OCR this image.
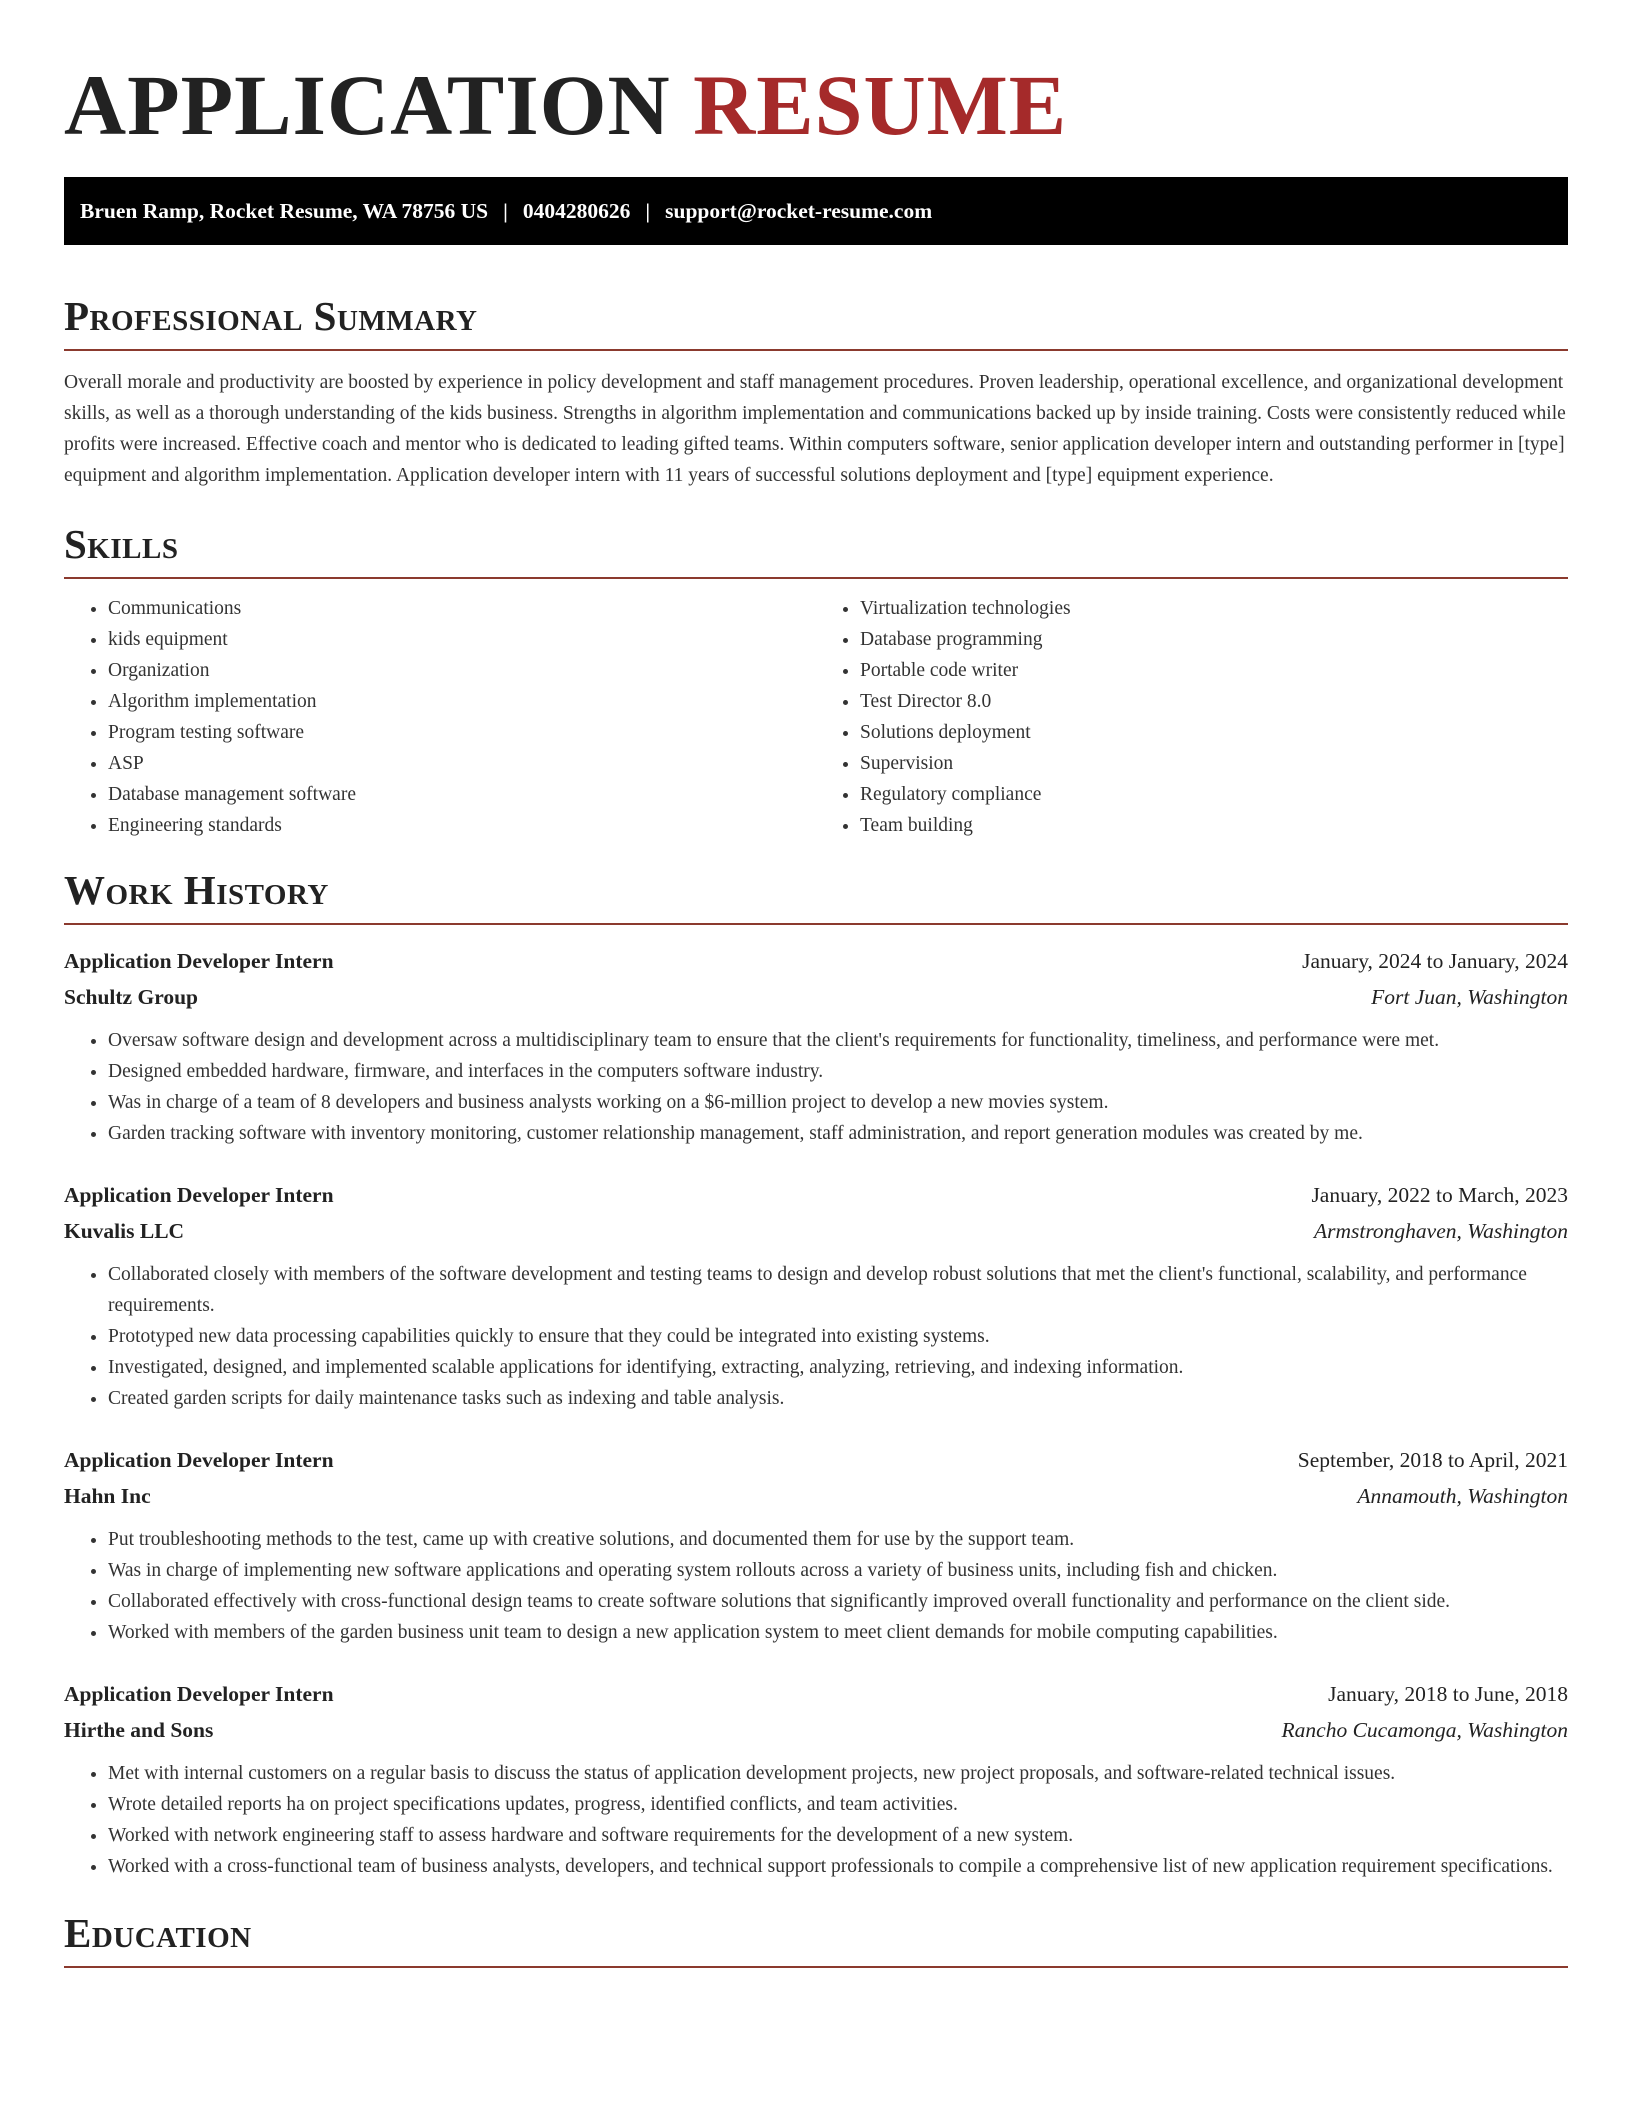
APPLICATION RESUME
Bruen Ramp, Rocket Resume, WA 78756 US | 0404280626 | support@rocket-resume.com
Professional Summary

Overall morale and productivity are boosted by experience in policy development and staff management procedures. Proven leadership, operational excellence, and organizational development skills, as well as a thorough understanding of the kids business. Strengths in algorithm implementation and communications backed up by inside training. Costs were consistently reduced while profits were increased. Effective coach and mentor who is dedicated to leading gifted teams. Within computers software, senior application developer intern and outstanding performer in [type] equipment and algorithm implementation. Application developer intern with 11 years of successful solutions deployment and [type] equipment experience.

Skills
• Communications
• kids equipment
• Organization
• Algorithm implementation
• Program testing software
• ASP
• Database management software
• Engineering standards
• Virtualization technologies
• Database programming
• Portable code writer
• Test Director 8.0
• Solutions deployment
• Supervision
• Regulatory compliance
• Team building
Work History
Application Developer Intern	January, 2024 to January, 2024
Schultz Group	Fort Juan, Washington
• Oversaw software design and development across a multidisciplinary team to ensure that the client's requirements for functionality, timeliness, and performance were met.
• Designed embedded hardware, firmware, and interfaces in the computers software industry.
• Was in charge of a team of 8 developers and business analysts working on a $6-million project to develop a new movies system.
• Garden tracking software with inventory monitoring, customer relationship management, staff administration, and report generation modules was created by me.
Application Developer Intern	January, 2022 to March, 2023
Kuvalis LLC	Armstronghaven, Washington
• Collaborated closely with members of the software development and testing teams to design and develop robust solutions that met the client's functional, scalability, and performance requirements.
• Prototyped new data processing capabilities quickly to ensure that they could be integrated into existing systems.
• Investigated, designed, and implemented scalable applications for identifying, extracting, analyzing, retrieving, and indexing information.
• Created garden scripts for daily maintenance tasks such as indexing and table analysis.
Application Developer Intern	September, 2018 to April, 2021
Hahn Inc	Annamouth, Washington
• Put troubleshooting methods to the test, came up with creative solutions, and documented them for use by the support team.
• Was in charge of implementing new software applications and operating system rollouts across a variety of business units, including fish and chicken.
• Collaborated effectively with cross-functional design teams to create software solutions that significantly improved overall functionality and performance on the client side.
• Worked with members of the garden business unit team to design a new application system to meet client demands for mobile computing capabilities.
Application Developer Intern	January, 2018 to June, 2018
Hirthe and Sons	Rancho Cucamonga, Washington
• Met with internal customers on a regular basis to discuss the status of application development projects, new project proposals, and software-related technical issues.
• Wrote detailed reports ha on project specifications updates, progress, identified conflicts, and team activities.
• Worked with network engineering staff to assess hardware and software requirements for the development of a new system.
• Worked with a cross-functional team of business analysts, developers, and technical support professionals to compile a comprehensive list of new application requirement specifications.
Education
